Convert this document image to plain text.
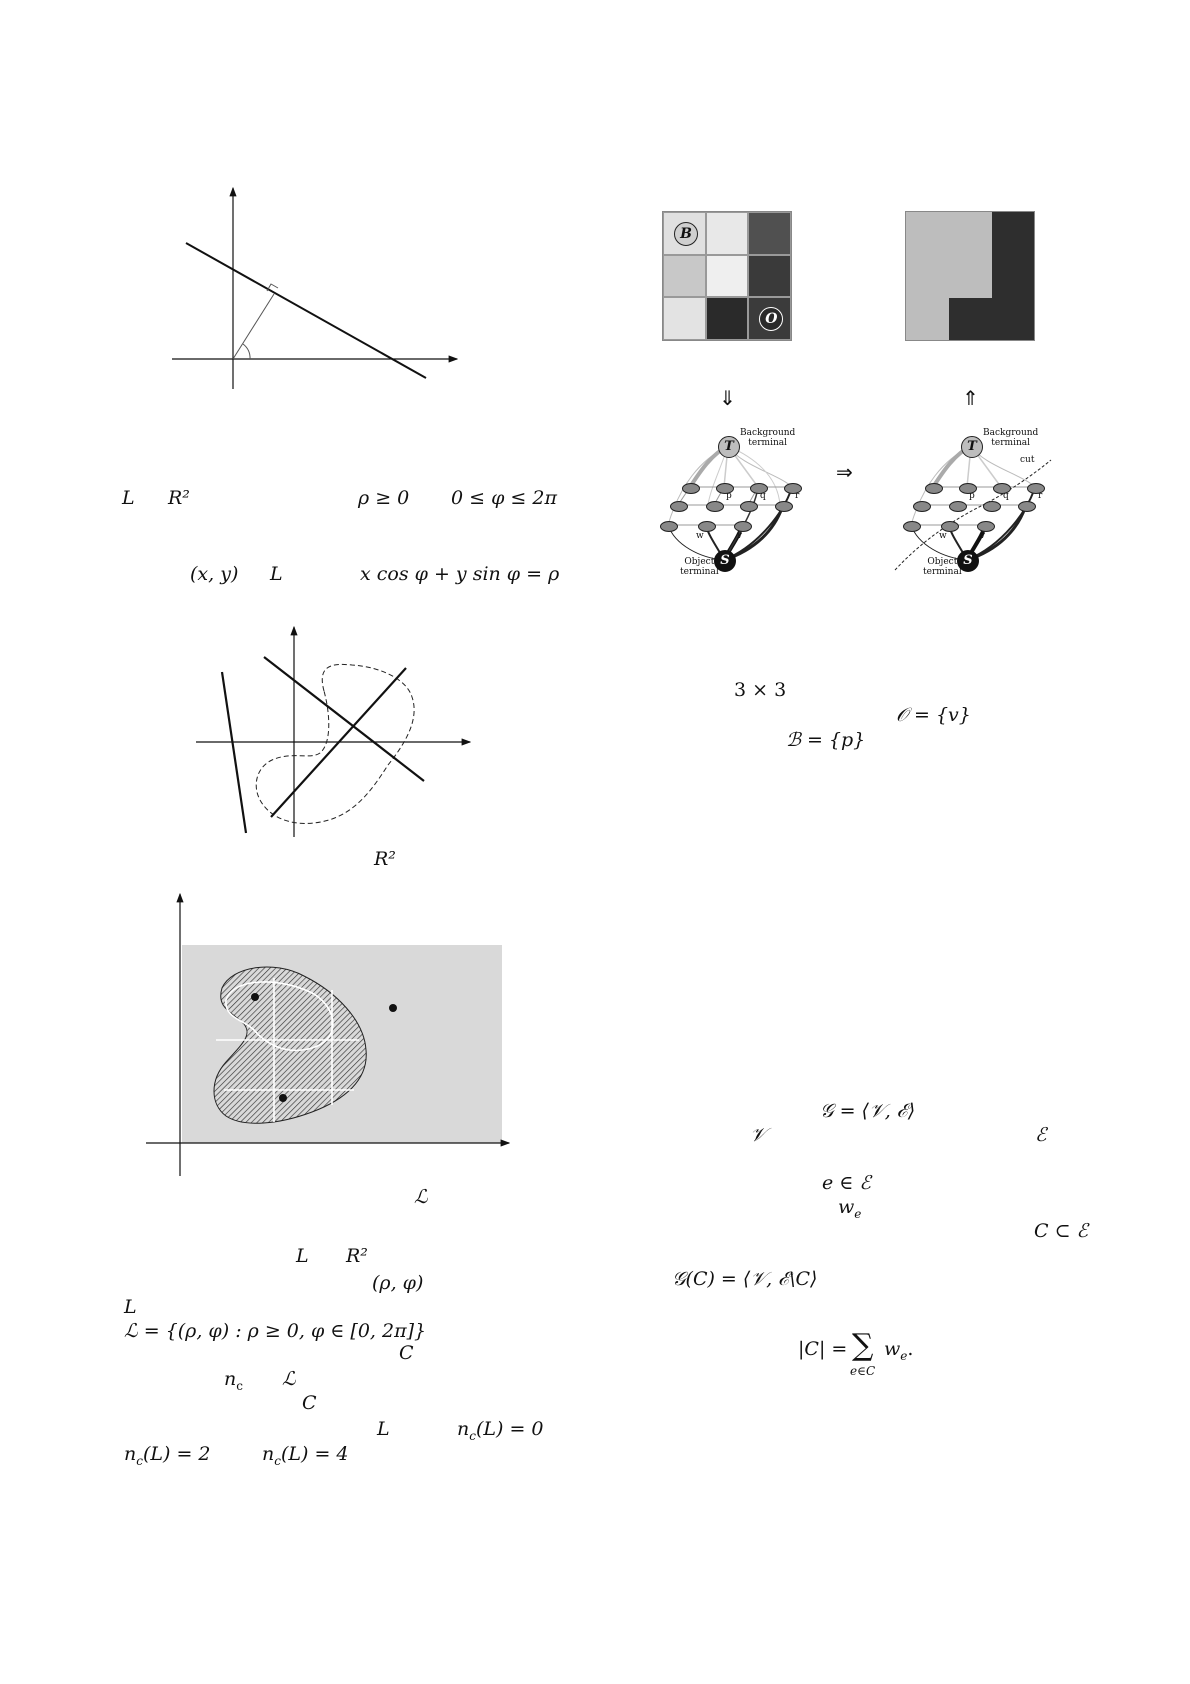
L R²	ρ ≥ 0 0 ≤ φ ≤ 2π
(x, y) L	x cos φ + y sin φ = ρ
R²
ℒ
L R²
(ρ, φ)
L
ℒ = {(ρ, φ) : ρ ≥ 0, φ ∈ [0, 2π]}
C
$n_c$ ℒ
C
L	$n_c(L) = 0$
$n_c(L) = 2$	$n_c(L) = 4$
B
O
⇓	⇑
⇒
p	q	r
w	v
T
S
Background
terminal
Object
terminal
p	q	r
w	v
cut
T
S
Background
terminal
Object
terminal
3 × 3
𝒪 = {v}
ℬ = {p}
𝒢 = ⟨𝒱, ℰ⟩
𝒱	ℰ
e ∈ ℰ
$w_e$
C ⊂ ℰ
𝒢(C) = ⟨𝒱, ℰ\C⟩
|C| = ∑
e∈C
$w_e$.
